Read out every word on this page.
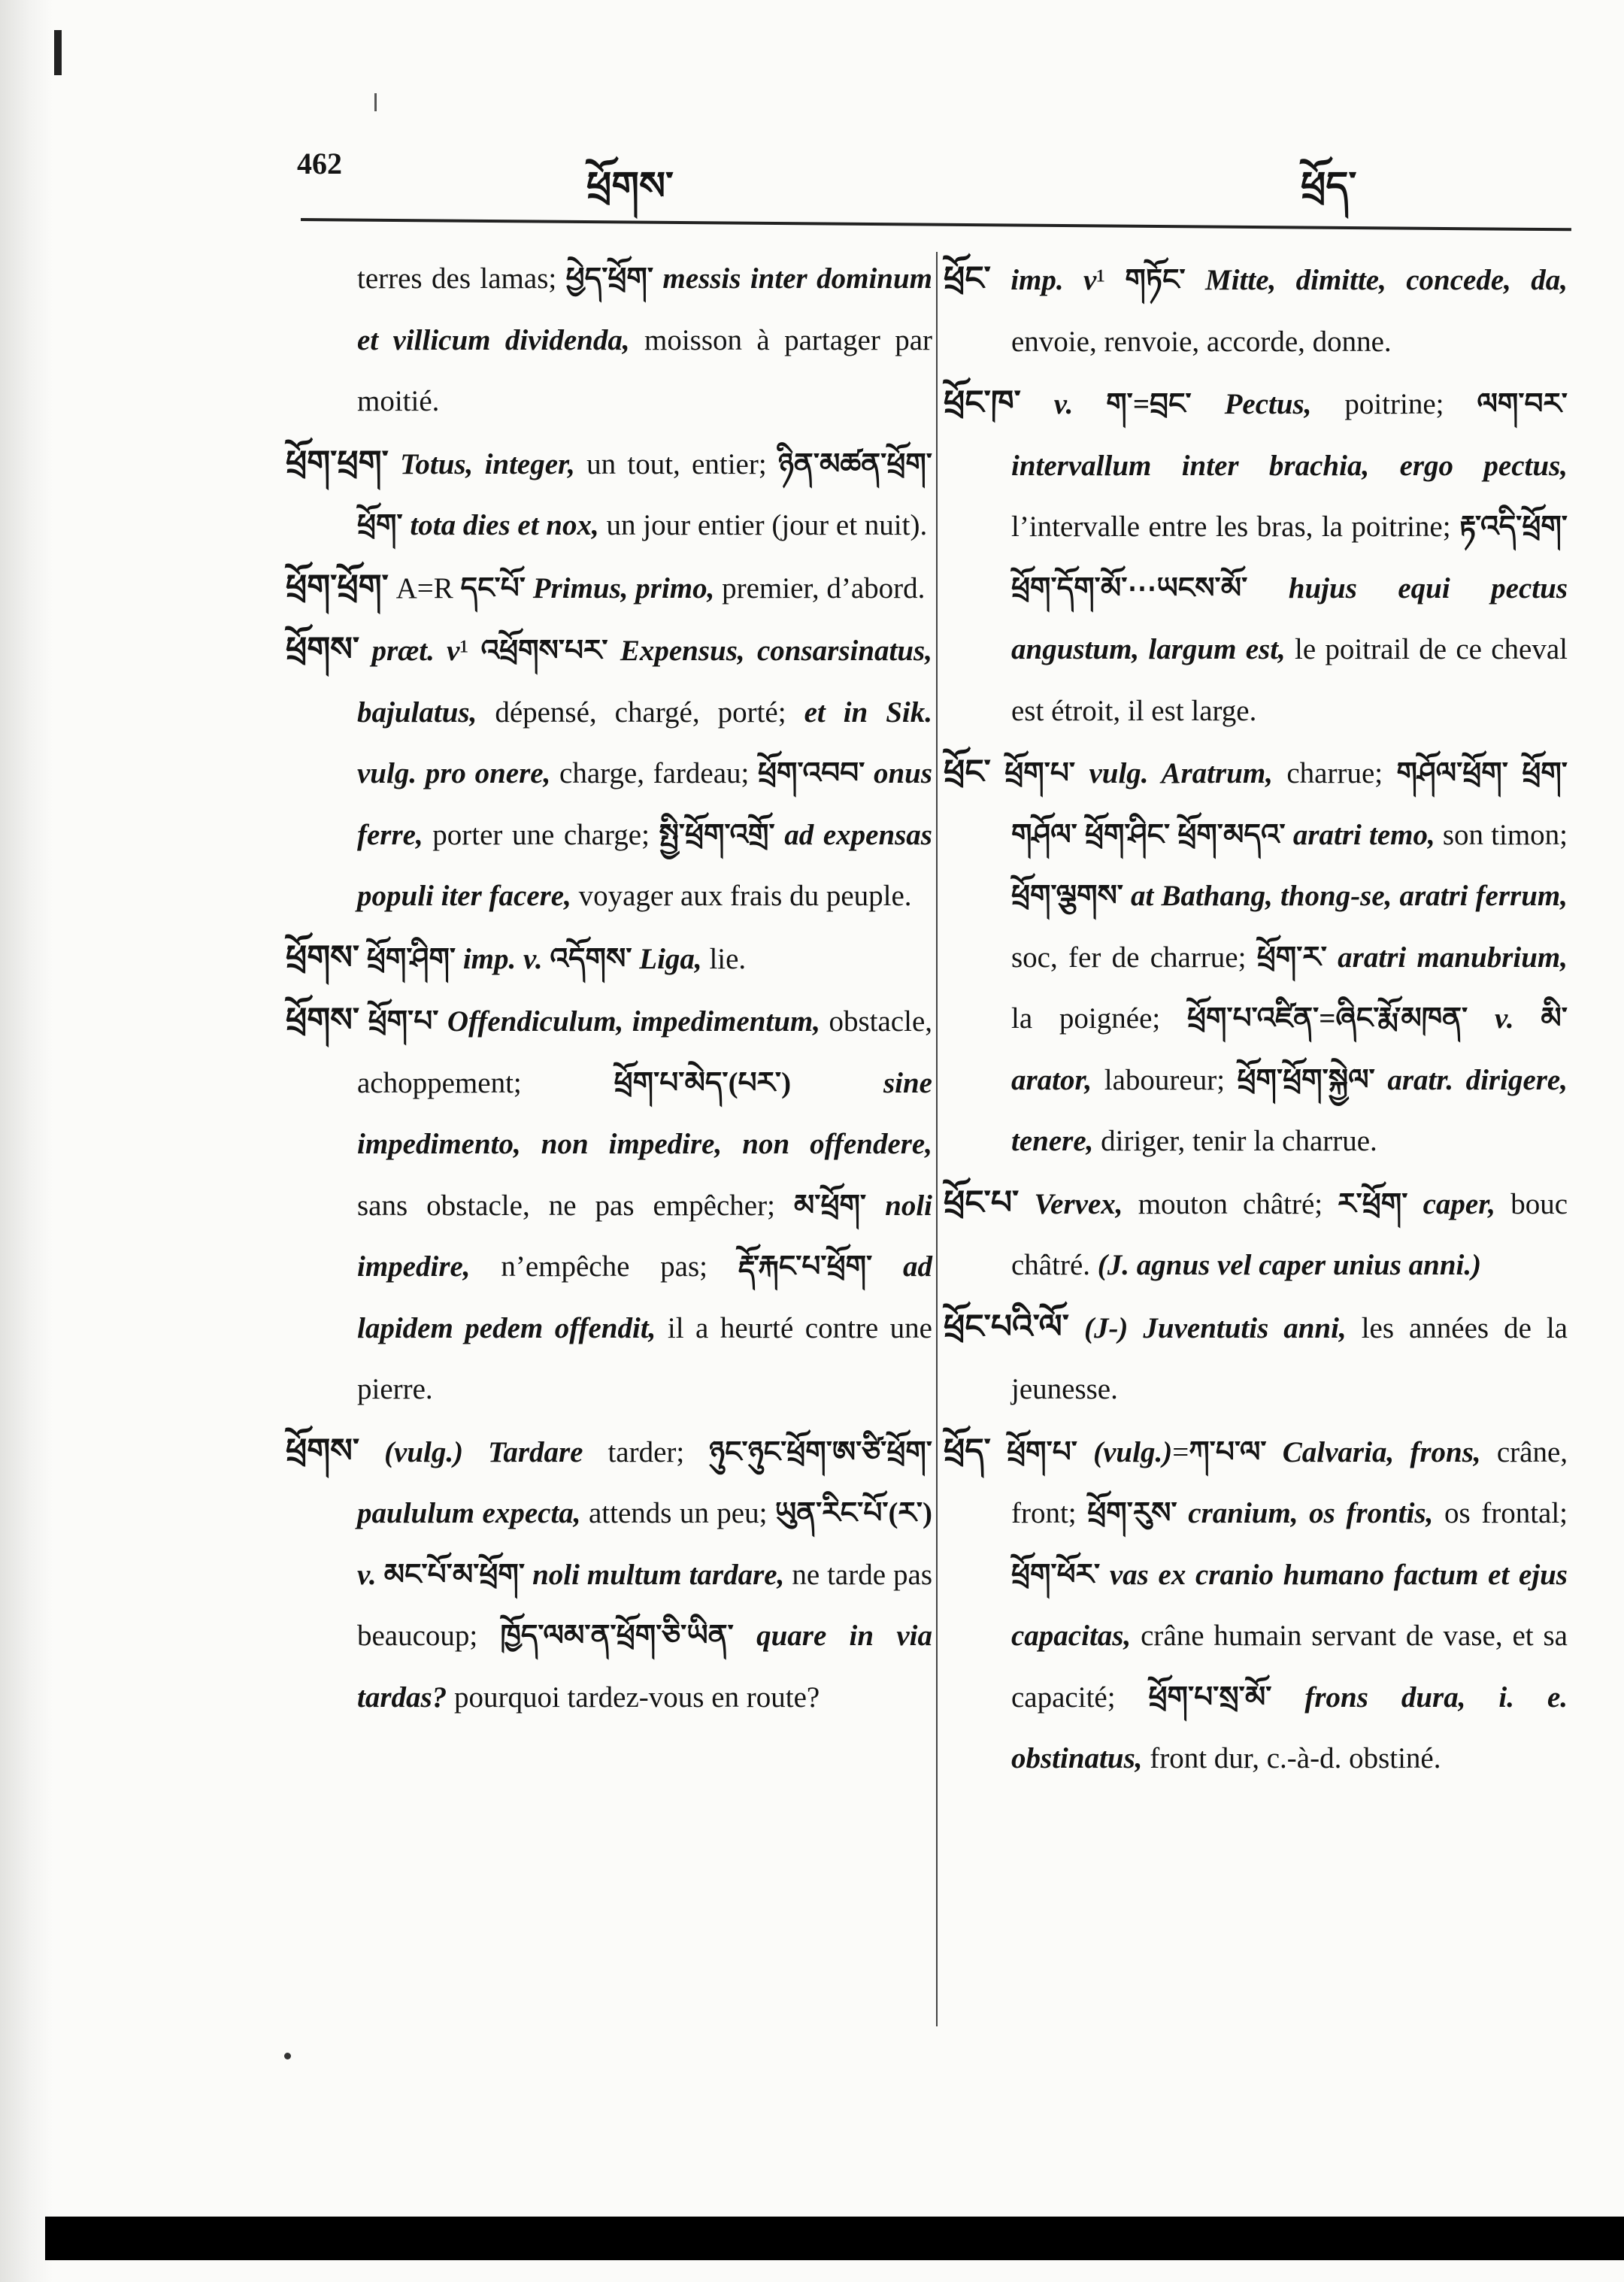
462
ཕྲོགས་	ཕྲོད་
terres des lamas; ཕྱེད་ཕྲོག་ messis inter dominum et villicum dividenda, moisson à partager par moitié.
ཕྲོག་ཕྲག་ Totus, integer, un tout, entier; ཉིན་མཚན་ཕྲོག་ཕྲོག་ tota dies et nox, un jour entier (jour et nuit).
ཕྲོག་ཕྲོག་ A=R དང་པོ་ Primus, primo, premier, d’abord.
ཕྲོགས་ præt. v¹ འཕྲོགས་པར་ Expensus, consarsinatus, bajulatus, dépensé, chargé, porté; et in Sik. vulg. pro onere, charge, fardeau; ཕྲོག་འབབ་ onus ferre, porter une charge; སྤྱི་ཕྲོག་འགྲོ་ ad expensas populi iter facere, voyager aux frais du peuple.
ཕྲོགས་ ཕྲོག་ཤིག་ imp. v. འདོགས་ Liga, lie.
ཕྲོགས་ ཕྲོག་པ་ Offendiculum, impedimentum, obstacle, achoppement; ཕྲོག་པ་མེད་(པར་) sine impedimento, non impedire, non offendere, sans obstacle, ne pas empêcher; མ་ཕྲོག་ noli impedire, n’empêche pas; རྡོ་རྐང་པ་ཕྲོག་ ad lapidem pedem offendit, il a heurté contre une pierre.
ཕྲོགས་ (vulg.) Tardare tarder; ཉུང་ཉུང་ཕྲོག་ཨ་ཙི་ཕྲོག་ paululum expecta, attends un peu; ཡུན་རིང་པོ་(ར་) v. མང་པོ་མ་ཕྲོག་ noli multum tardare, ne tarde pas beaucoup; ཁྱོད་ལམ་ན་ཕྲོག་ཅི་ཡིན་ quare in via tardas? pourquoi tardez-vous en route?
ཕྲོང་ imp. v¹ གཏོང་ Mitte, dimitte, concede, da, envoie, renvoie, accorde, donne.
ཕྲོང་ཁ་ v. ག་=བྲང་ Pectus, poitrine; ལག་བར་ intervallum inter brachia, ergo pectus, l’intervalle entre les bras, la poitrine; རྟ་འདི་ཕྲོག་ཕྲོག་དོག་མོ་⋯ཡངས་མོ་ hujus equi pectus angustum, largum est, le poitrail de ce cheval est étroit, il est large.
ཕྲོང་ ཕྲོག་པ་ vulg. Aratrum, charrue; གཤོལ་ཕྲོག་ ཕྲོག་གཤོལ་ ཕྲོག་ཤིང་ ཕྲོག་མདའ་ aratri temo, son timon; ཕྲོག་ལྕགས་ at Bathang, thong-se, aratri ferrum, soc, fer de charrue; ཕྲོག་ར་ aratri manubrium, la poignée; ཕྲོག་པ་འཛིན་=ཞིང་རྨོ་མཁན་ v. མི་ arator, laboureur; ཕྲོག་ཕྲོག་སྐྱེལ་ aratr. dirigere, tenere, diriger, tenir la charrue.
ཕྲོང་པ་ Vervex, mouton châtré; ར་ཕྲོག་ caper, bouc châtré. (J. agnus vel caper unius anni.)
ཕྲོང་པའི་ལོ་ (J-) Juventutis anni, les années de la jeunesse.
ཕྲོད་ ཕྲོག་པ་ (vulg.)=ཀ་པ་ལ་ Calvaria, frons, crâne, front; ཕྲོག་རུས་ cranium, os frontis, os frontal; ཕྲོག་ཕོར་ vas ex cranio humano factum et ejus capacitas, crâne humain servant de vase, et sa capacité; ཕྲོག་པ་སྲ་མོ་ frons dura, i. e. obstinatus, front dur, c.-à-d. obstiné.
